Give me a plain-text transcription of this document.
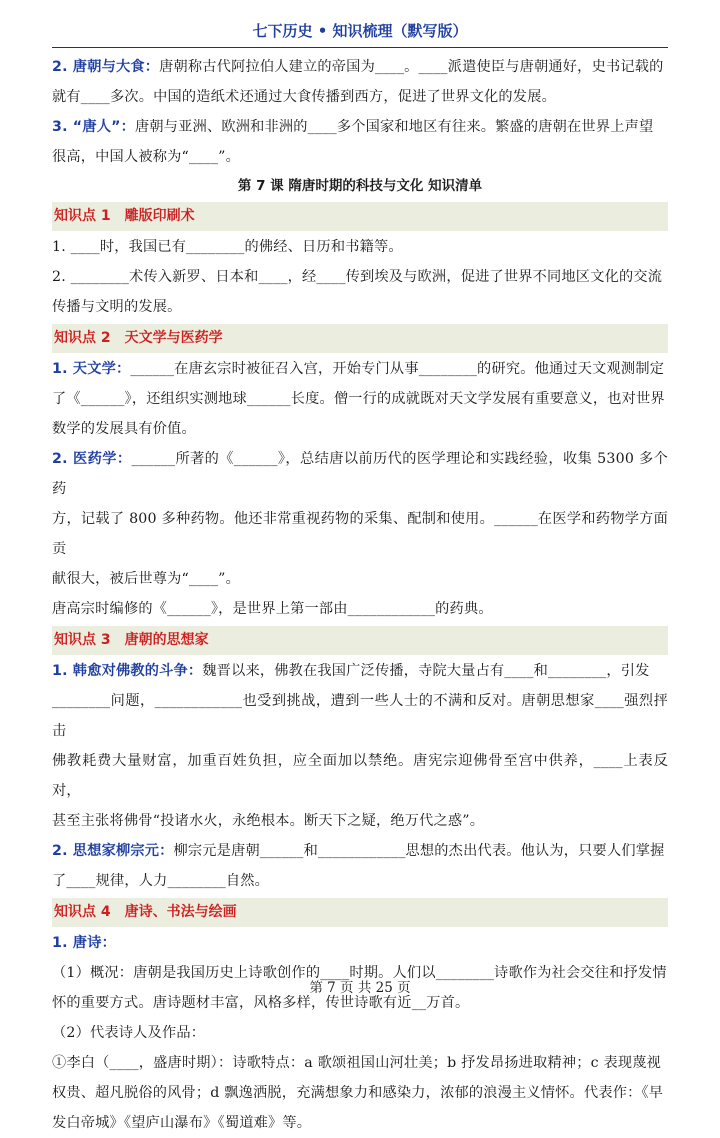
七下历史 • 知识梳理（默写版）

2. 唐朝与大食：唐朝称古代阿拉伯人建立的帝国为____。____派遣使臣与唐朝通好，史书记载的

就有____多次。中国的造纸术还通过大食传播到西方，促进了世界文化的发展。

3. “唐人”：唐朝与亚洲、欧洲和非洲的____多个国家和地区有往来。繁盛的唐朝在世界上声望

很高，中国人被称为“____”。

第 7 课 隋唐时期的科技与文化 知识清单
知识点 1 雕版印刷术

1. ____时，我国已有________的佛经、日历和书籍等。

2. ________术传入新罗、日本和____，经____传到埃及与欧洲，促进了世界不同地区文化的交流

传播与文明的发展。

知识点 2 天文学与医药学

1. 天文学：______在唐玄宗时被征召入宫，开始专门从事________的研究。他通过天文观测制定

了《______》，还组织实测地球______长度。僧一行的成就既对天文学发展有重要意义，也对世界

数学的发展具有价值。

2. 医药学：______所著的《______》，总结唐以前历代的医学理论和实践经验，收集 5300 多个药

方，记载了 800 多种药物。他还非常重视药物的采集、配制和使用。______在医学和药物学方面贡

献很大，被后世尊为“____”。

唐高宗时编修的《______》，是世界上第一部由____________的药典。

知识点 3 唐朝的思想家

1. 韩愈对佛教的斗争：魏晋以来，佛教在我国广泛传播，寺院大量占有____和________，引发

________问题，____________也受到挑战，遭到一些人士的不满和反对。唐朝思想家____强烈抨击

佛教耗费大量财富，加重百姓负担，应全面加以禁绝。唐宪宗迎佛骨至宫中供养，____上表反对，

甚至主张将佛骨“投诸水火，永绝根本。断天下之疑，绝万代之惑”。

2. 思想家柳宗元：柳宗元是唐朝______和____________思想的杰出代表。他认为，只要人们掌握

了____规律，人力________自然。

知识点 4 唐诗、书法与绘画

1. 唐诗：

（1）概况：唐朝是我国历史上诗歌创作的____时期。人们以________诗歌作为社会交往和抒发情

怀的重要方式。唐诗题材丰富，风格多样，传世诗歌有近__万首。

（2）代表诗人及作品：

①李白（____，盛唐时期）：诗歌特点：a 歌颂祖国山河壮美；b 抒发昂扬进取精神；c 表现蔑视

权贵、超凡脱俗的风骨；d 飘逸洒脱，充满想象力和感染力，浓郁的浪漫主义情怀。代表作：《早

发白帝城》《望庐山瀑布》《蜀道难》等。

第 7 页 共 25 页
